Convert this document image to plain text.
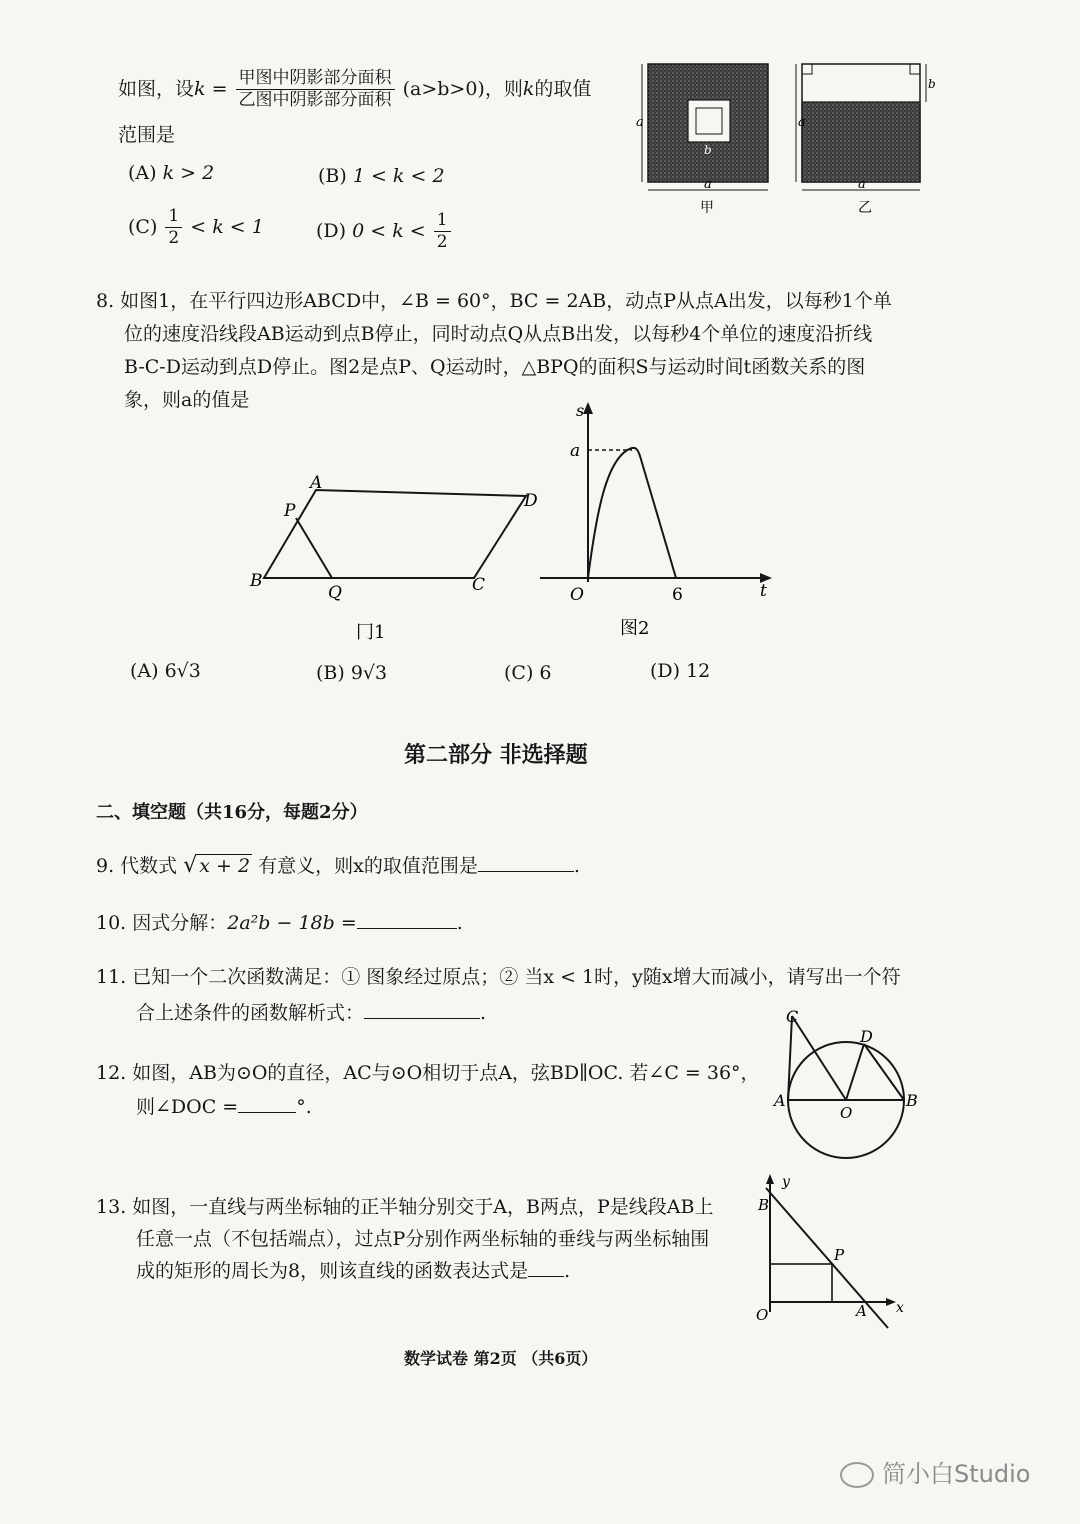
如图，设$k = \frac{\text{甲图中阴影部分面积}}{\text{乙图中阴影部分面积}} (a>b>0)$，则k的取值
范围是
(A) k > 2	(B) 1 < k < 2
$(C) \frac{1}{2} < k < 1$	(D) $0 < k < \frac{1}{2}$
a
a
b
甲
a
b
a
乙
8. 如图1，在平行四边形ABCD中，∠B = 60°，BC = 2AB，动点P从点A出发，以每秒1个单
位的速度沿线段AB运动到点B停止，同时动点Q从点B出发，以每秒4个单位的速度沿折线
B-C-D运动到点D停止。图2是点P、Q运动时，△BPQ的面积S与运动时间t函数关系的图
象，则a的值是
A
B	C
D
P
Q
冂1
s
a
O	6	t
图2
(A) 6√3	(B) 9√3	(C) 6	(D) 12
第二部分 非选择题
二、填空题（共16分，每题2分）
9. 代数式 √ x + 2 有意义，则x的取值范围是	.
10. 因式分解：2a²b − 18b =	.
11. 已知一个二次函数满足：① 图象经过原点；② 当x < 1时，y随x增大而减小，请写出一个符
合上述条件的函数解析式：	.
12. 如图，AB为⊙O的直径，AC与⊙O相切于点A，弦BD∥OC. 若∠C = 36°，
则∠DOC =	°.
C
D
A
O
B
13. 如图，一直线与两坐标轴的正半轴分别交于A，B两点，P是线段AB上
任意一点（不包括端点），过点P分别作两坐标轴的垂线与两坐标轴围
成的矩形的周长为8，则该直线的函数表达式是 .
B
y
P
O	A x
数学试卷 第2页 （共6页）
简小白Studio
